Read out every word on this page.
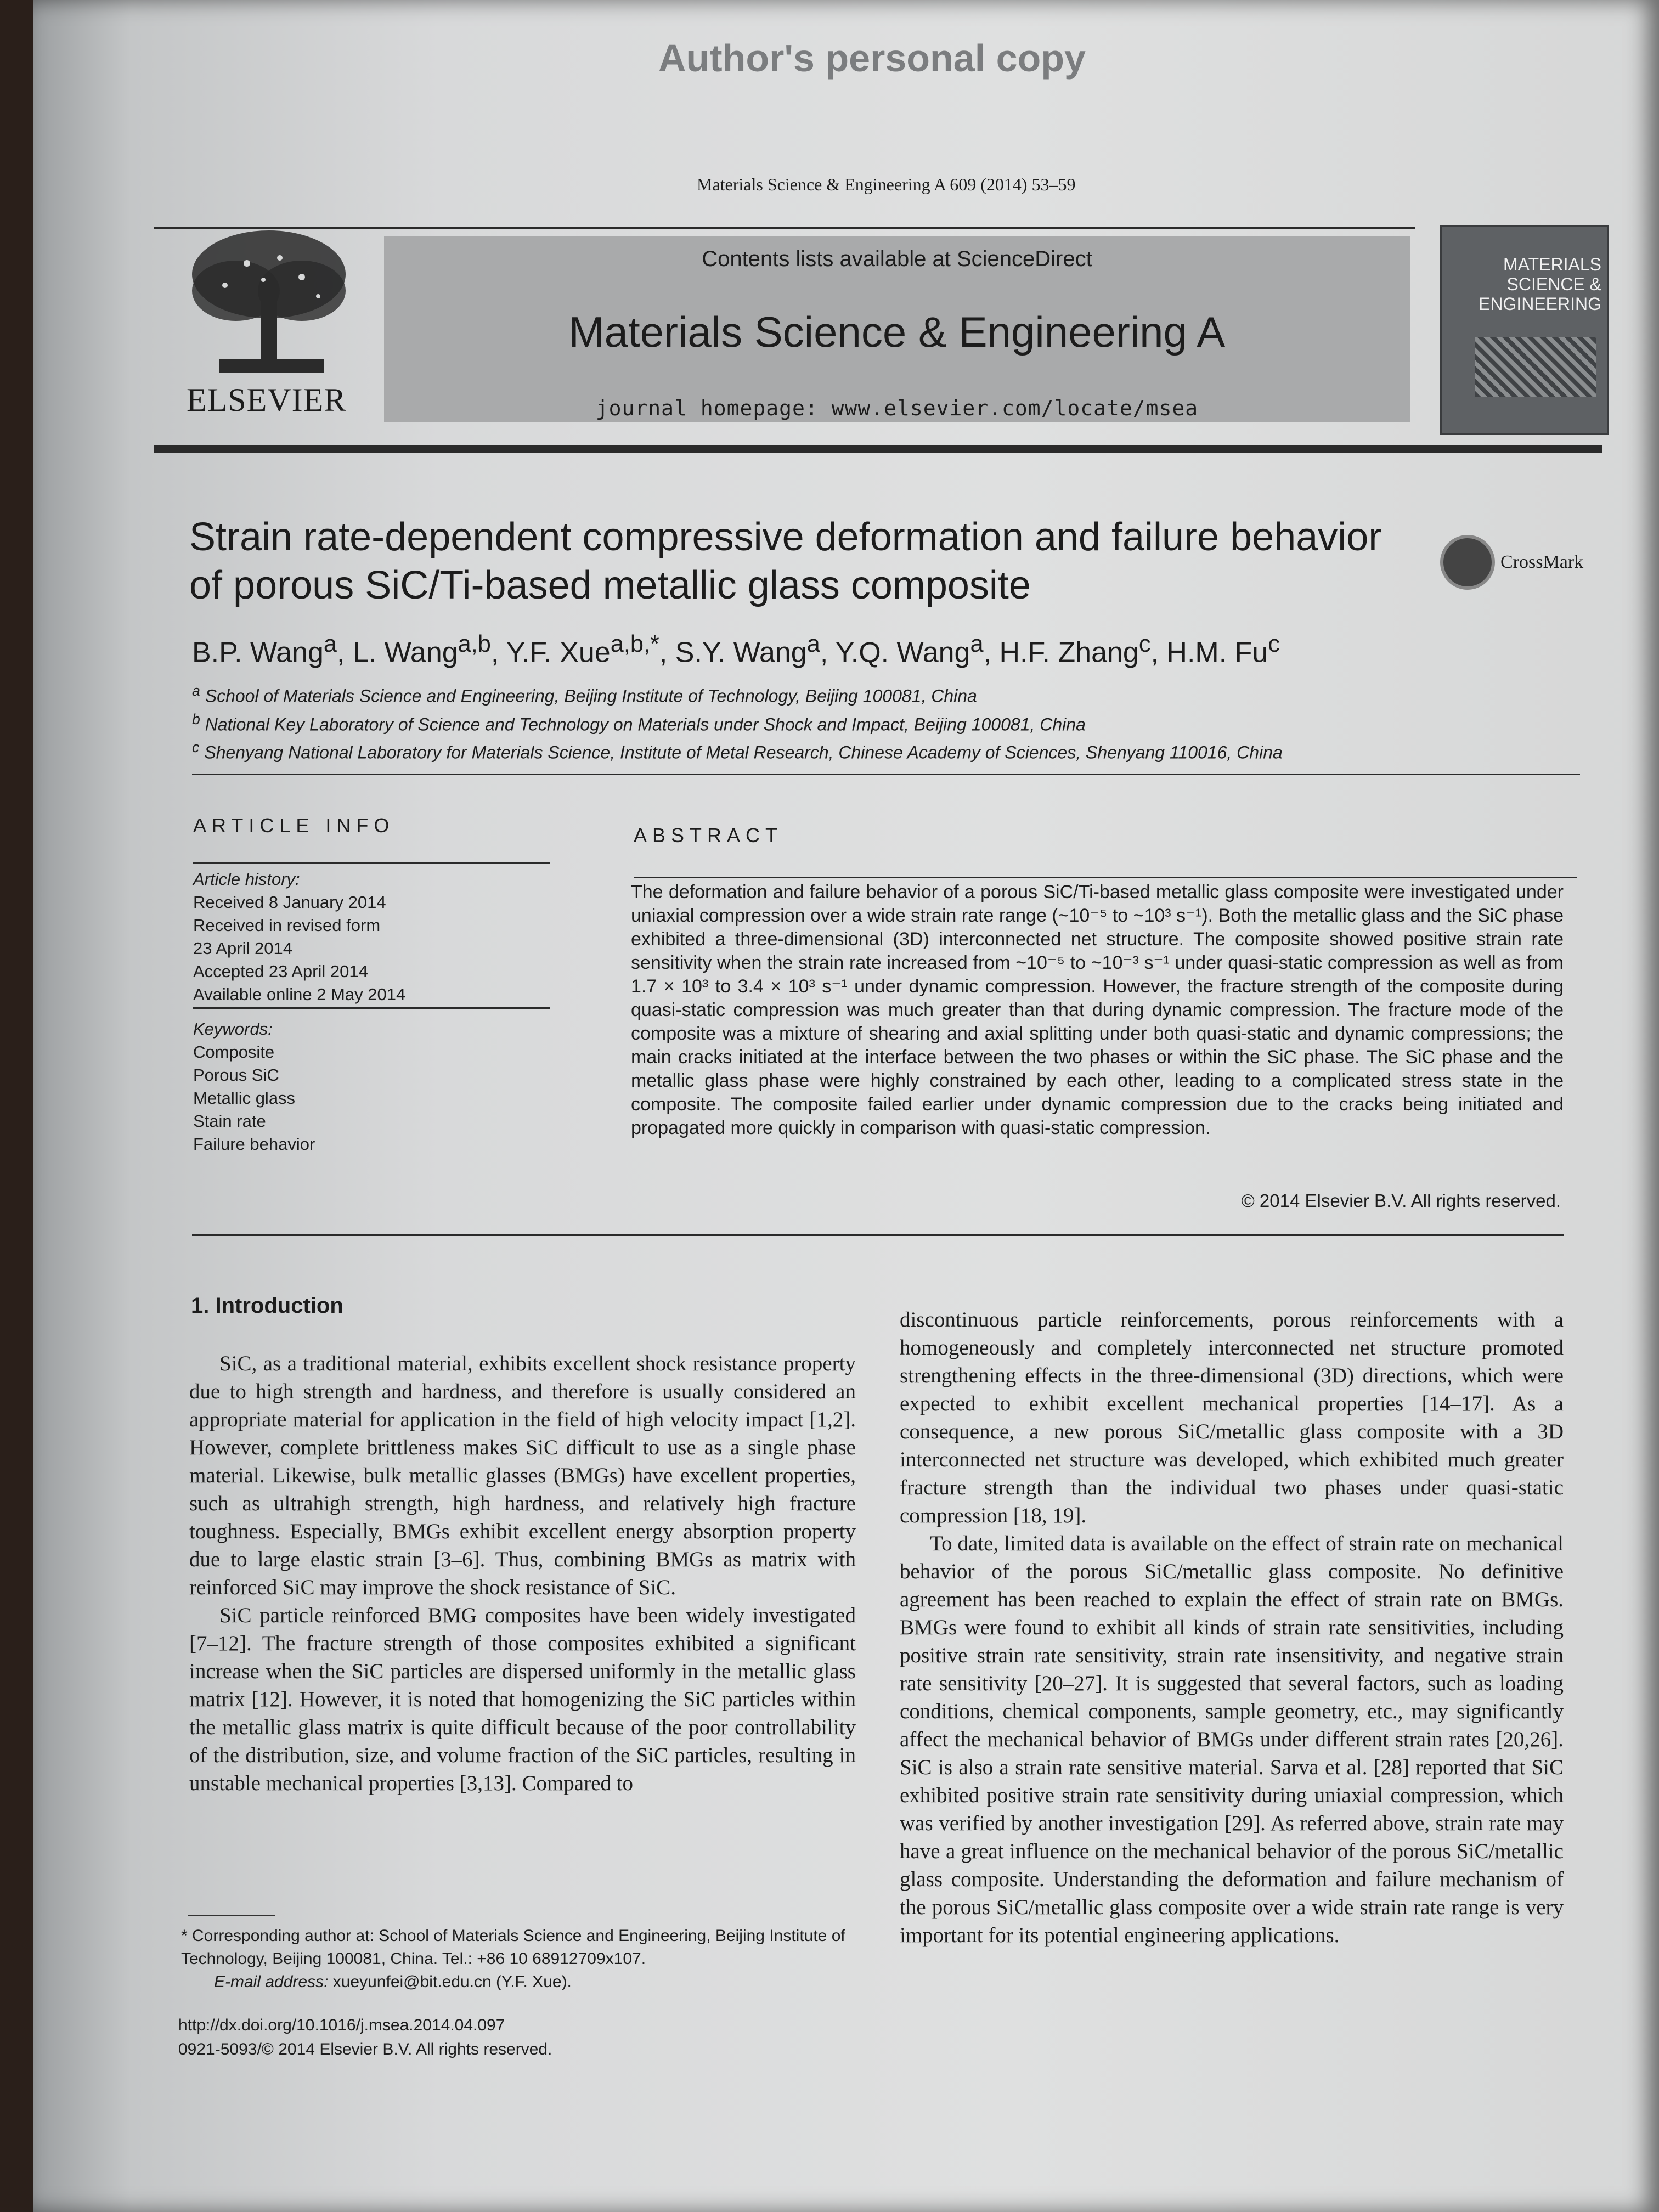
Author's personal copy
Materials Science & Engineering A 609 (2014) 53–59
ELSEVIER
Contents lists available at ScienceDirect
Materials Science & Engineering A
journal homepage: www.elsevier.com/locate/msea
MATERIALS
SCIENCE &
ENGINEERING
Strain rate-dependent compressive deformation and failure behavior
of porous SiC/Ti-based metallic glass composite
CrossMark
B.P. Wang$^a$, L. Wang$^{a,b}$, Y.F. Xue$^{a,b,*}$, S.Y. Wang$^a$, Y.Q. Wang$^a$, H.F. Zhang$^c$, H.M. Fu$^c$
$^a$ School of Materials Science and Engineering, Beijing Institute of Technology, Beijing 100081, China
$^b$ National Key Laboratory of Science and Technology on Materials under Shock and Impact, Beijing 100081, China
$^c$ Shenyang National Laboratory for Materials Science, Institute of Metal Research, Chinese Academy of Sciences, Shenyang 110016, China
ARTICLE INFO	ABSTRACT
Article history:
Received 8 January 2014
Received in revised form
23 April 2014
Accepted 23 April 2014
Available online 2 May 2014
Keywords:
Composite
Porous SiC
Metallic glass
Stain rate
Failure behavior
The deformation and failure behavior of a porous SiC/Ti-based metallic glass composite were investigated under uniaxial compression over a wide strain rate range (~10⁻⁵ to ~10³ s⁻¹). Both the metallic glass and the SiC phase exhibited a three-dimensional (3D) interconnected net structure. The composite showed positive strain rate sensitivity when the strain rate increased from ~10⁻⁵ to ~10⁻³ s⁻¹ under quasi-static compression as well as from 1.7 × 10³ to 3.4 × 10³ s⁻¹ under dynamic compression. However, the fracture strength of the composite during quasi-static compression was much greater than that during dynamic compression. The fracture mode of the composite was a mixture of shearing and axial splitting under both quasi-static and dynamic compressions; the main cracks initiated at the interface between the two phases or within the SiC phase. The SiC phase and the metallic glass phase were highly constrained by each other, leading to a complicated stress state in the composite. The composite failed earlier under dynamic compression due to the cracks being initiated and propagated more quickly in comparison with quasi-static compression.
© 2014 Elsevier B.V. All rights reserved.
1. Introduction

SiC, as a traditional material, exhibits excellent shock resistance property due to high strength and hardness, and therefore is usually considered an appropriate material for application in the field of high velocity impact [1,2]. However, complete brittleness makes SiC difficult to use as a single phase material. Likewise, bulk metallic glasses (BMGs) have excellent properties, such as ultrahigh strength, high hardness, and relatively high fracture toughness. Especially, BMGs exhibit excellent energy absorption property due to large elastic strain [3–6]. Thus, combining BMGs as matrix with reinforced SiC may improve the shock resistance of SiC.

SiC particle reinforced BMG composites have been widely investigated [7–12]. The fracture strength of those composites exhibited a significant increase when the SiC particles are dispersed uniformly in the metallic glass matrix [12]. However, it is noted that homogenizing the SiC particles within the metallic glass matrix is quite difficult because of the poor controllability of the distribution, size, and volume fraction of the SiC particles, resulting in unstable mechanical properties [3,13]. Compared to

discontinuous particle reinforcements, porous reinforcements with a homogeneously and completely interconnected net structure promoted strengthening effects in the three-dimensional (3D) directions, which were expected to exhibit excellent mechanical properties [14–17]. As a consequence, a new porous SiC/metallic glass composite with a 3D interconnected net structure was developed, which exhibited much greater fracture strength than the individual two phases under quasi-static compression [18, 19].

To date, limited data is available on the effect of strain rate on mechanical behavior of the porous SiC/metallic glass composite. No definitive agreement has been reached to explain the effect of strain rate on BMGs. BMGs were found to exhibit all kinds of strain rate sensitivities, including positive strain rate sensitivity, strain rate insensitivity, and negative strain rate sensitivity [20–27]. It is suggested that several factors, such as loading conditions, chemical components, sample geometry, etc., may significantly affect the mechanical behavior of BMGs under different strain rates [20,26]. SiC is also a strain rate sensitive material. Sarva et al. [28] reported that SiC exhibited positive strain rate sensitivity during uniaxial compression, which was verified by another investigation [29]. As referred above, strain rate may have a great influence on the mechanical behavior of the porous SiC/metallic glass composite. Understanding the deformation and failure mechanism of the porous SiC/metallic glass composite over a wide strain rate range is very important for its potential engineering applications.

* Corresponding author at: School of Materials Science and Engineering, Beijing Institute of Technology, Beijing 100081, China. Tel.: +86 10 68912709x107.
E-mail address: xueyunfei@bit.edu.cn (Y.F. Xue).
http://dx.doi.org/10.1016/j.msea.2014.04.097
0921-5093/© 2014 Elsevier B.V. All rights reserved.
